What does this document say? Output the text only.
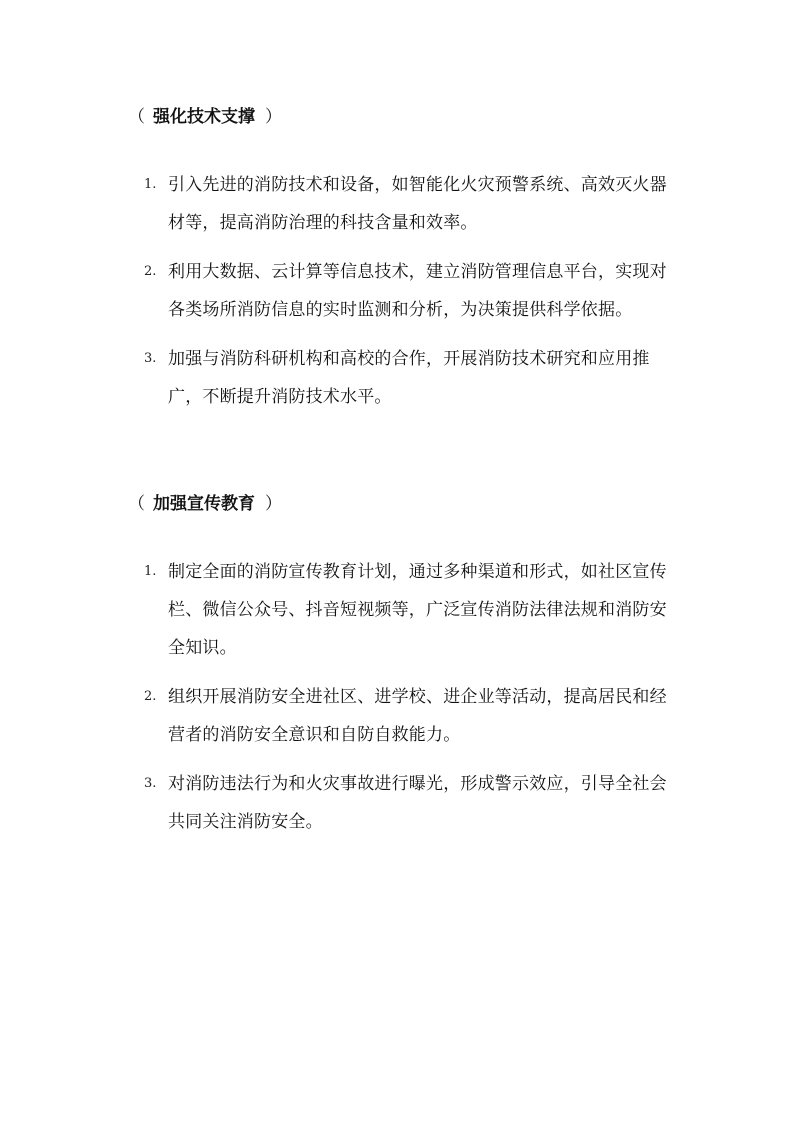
（ 强化技术支撑 ）
1. 引入先进的消防技术和设备，如智能化火灾预警系统、高效灭火器材等，提高消防治理的科技含量和效率。
2. 利用大数据、云计算等信息技术，建立消防管理信息平台，实现对各类场所消防信息的实时监测和分析，为决策提供科学依据。
3. 加强与消防科研机构和高校的合作，开展消防技术研究和应用推广，不断提升消防技术水平。
（ 加强宣传教育 ）
1. 制定全面的消防宣传教育计划，通过多种渠道和形式，如社区宣传栏、微信公众号、抖音短视频等，广泛宣传消防法律法规和消防安全知识。
2. 组织开展消防安全进社区、进学校、进企业等活动，提高居民和经营者的消防安全意识和自防自救能力。
3. 对消防违法行为和火灾事故进行曝光，形成警示效应，引导全社会共同关注消防安全。
